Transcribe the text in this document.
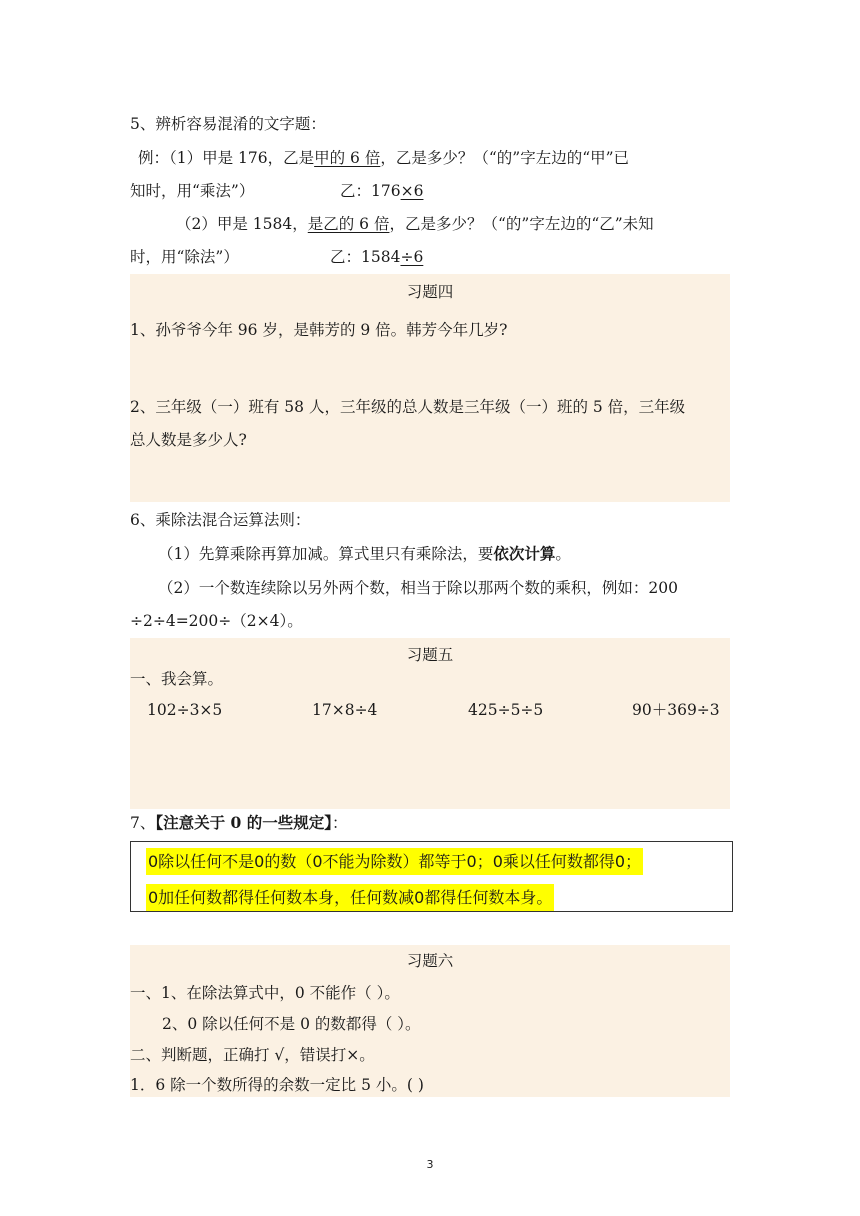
5、辨析容易混淆的文字题：
例：（1）甲是 176，乙是甲的 6 倍，乙是多少？（“的”字左边的“甲”已
知时，用“乘法”）	乙：176×6
（2）甲是 1584，是乙的 6 倍，乙是多少？（“的”字左边的“乙”未知
时，用“除法”）	乙：1584÷6
习题四
1、孙爷爷今年 96 岁，是韩芳的 9 倍。韩芳今年几岁?
2、三年级（一）班有 58 人，三年级的总人数是三年级（一）班的 5 倍，三年级
总人数是多少人?
6、乘除法混合运算法则：
（1）先算乘除再算加减。算式里只有乘除法，要依次计算。
（2）一个数连续除以另外两个数，相当于除以那两个数的乘积，例如：200
÷2÷4=200÷（2×4）。
习题五
一、我会算。
102÷3×5	17×8÷4	425÷5÷5	90＋369÷3
7、【注意关于 0 的一些规定】：
0除以任何不是0的数（0不能为除数）都等于0；0乘以任何数都得0；
0加任何数都得任何数本身，任何数减0都得任何数本身。
习题六
一、1、在除法算式中，0 不能作（ ）。
2、0 除以任何不是 0 的数都得（ ）。
二、判断题，正确打 √，错误打×。
1．6 除一个数所得的余数一定比 5 小。( )
3
